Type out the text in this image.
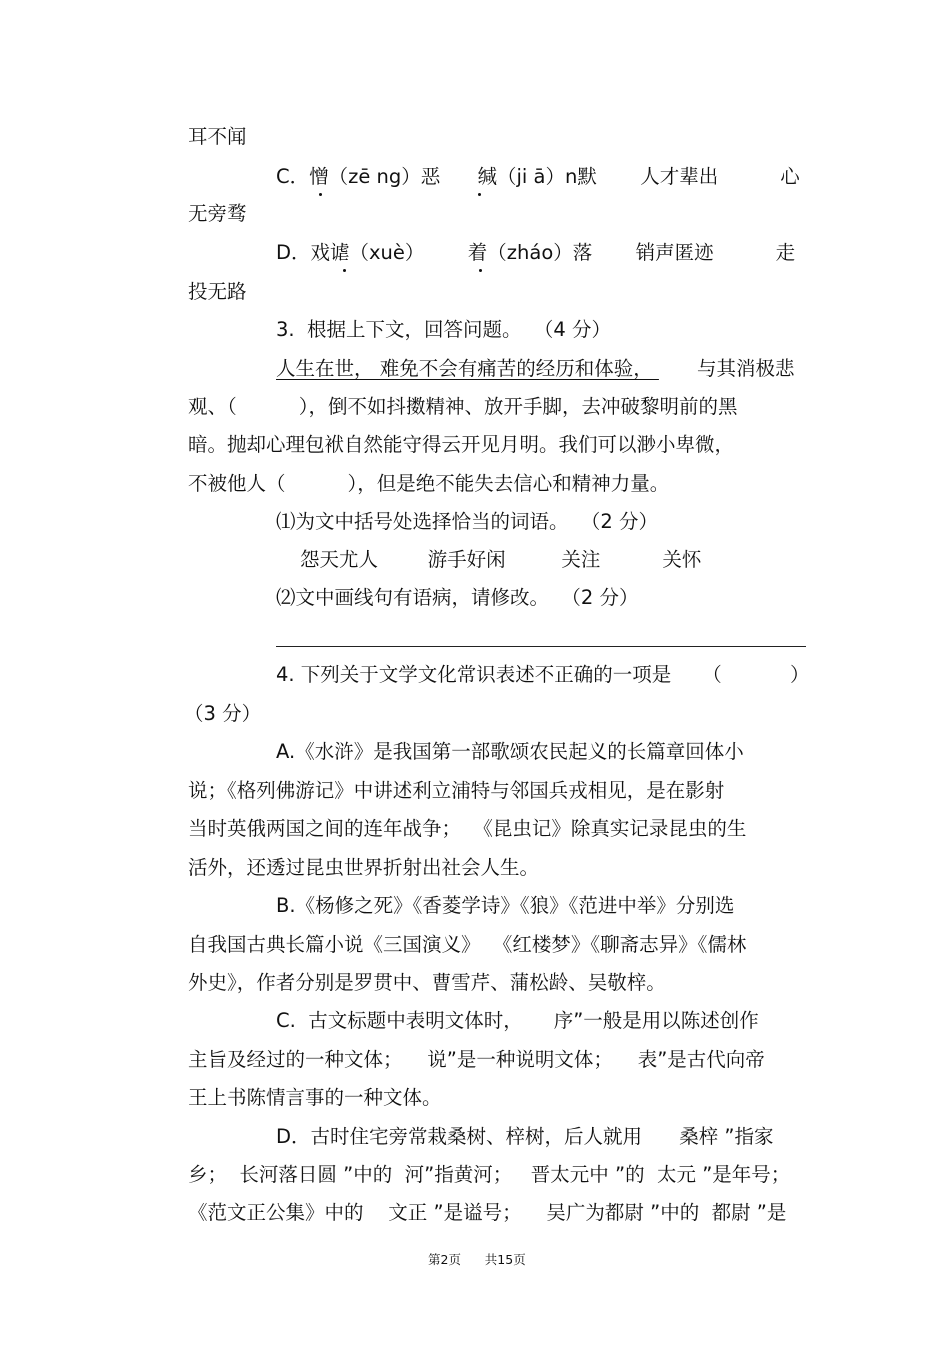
耳不闻
C．憎（zē ng）恶      缄（ji ā）n默       人才辈出          心
无旁骛
D．戏谑（xuè）       着（zháo）落       销声匿迹          走
投无路
3.  根据上下文，回答问题。  （4 分）
人生在世， 难免不会有痛苦的经历和体验， 与其消极悲
观、（          ），倒不如抖擞精神、放开手脚，去冲破黎明前的黑
暗。抛却心理包袱自然能守得云开见月明。我们可以渺小卑微，
不被他人（          ），但是绝不能失去信心和精神力量。
⑴为文中括号处选择恰当的词语。  （2 分）
怨天尤人        游手好闲         关注          关怀
⑵文中画线句有语病，请修改。  （2 分）
4. 下列关于文学文化常识表述不正确的一项是     （           ）
（3 分）
A.《水浒》是我国第一部歌颂农民起义的长篇章回体小
说；《格列佛游记》中讲述利立浦特与邻国兵戎相见，是在影射
当时英俄两国之间的连年战争；  《昆虫记》除真实记录昆虫的生
活外，还透过昆虫世界折射出社会人生。
B.《杨修之死》《香菱学诗》《狼》《范进中举》分别选
自我国古典长篇小说《三国演义》  《红楼梦》《聊斋志异》《儒林
外史》，作者分别是罗贯中、曹雪芹、蒲松龄、吴敬梓。
C.  古文标题中表明文体时，     序”一般是用以陈述创作
主旨及经过的一种文体；    说”是一种说明文体；    表”是古代向帝
王上书陈情言事的一种文体。
D．古时住宅旁常栽桑树、梓树，后人就用      桑梓 ”指家
乡；  长河落日圆 ”中的  河”指黄河；   晋太元中 ”的  太元 ”是年号；
《范文正公集》中的    文正 ”是谥号；    吴广为都尉 ”中的  都尉 ”是
第2页      共15页
